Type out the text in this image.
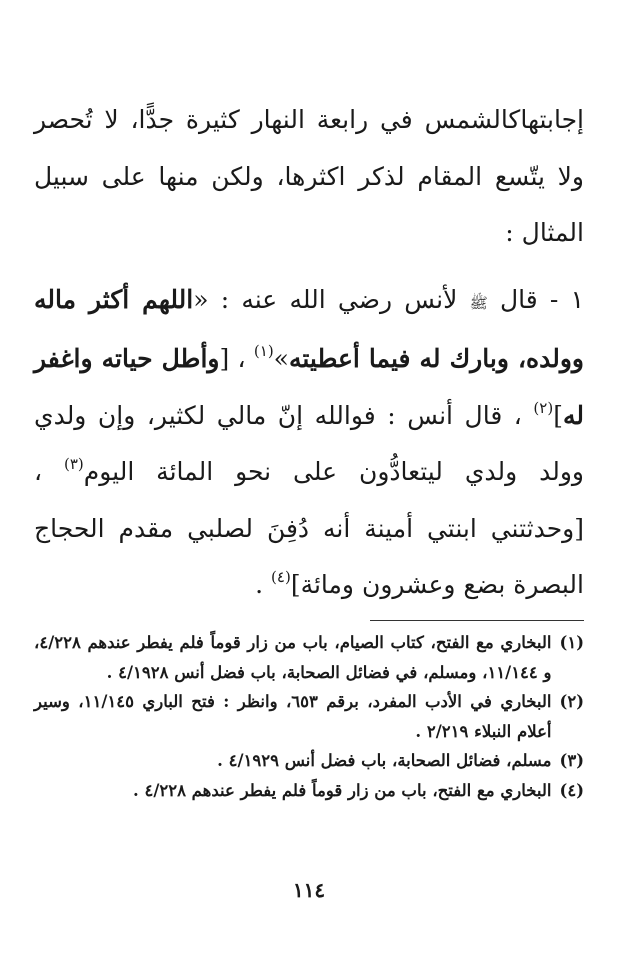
إجابتهاكالشمس في رابعة النهار كثيرة جدًّا، لا تُحصر ولا يتّسع المقام لذكر اكثرها، ولكن منها على سبيل المثال :

١ - قال ﷺ لأنس رضي الله عنه : «اللهم أكثر ماله وولده، وبارك له فيما أعطيته»$^{(١)}$ ، [وأطل حياته واغفر له]$^{(٢)}$ ، قال أنس : فوالله إنّ مالي لكثير، وإن ولدي وولد ولدي ليتعادُّون على نحو المائة اليوم$^{(٣)}$ ، [وحدثتني ابنتي أمينة أنه دُفِنَ لصلبي مقدم الحجاج البصرة بضع وعشرون ومائة]$^{(٤)}$ .

(١)
البخاري مع الفتح، كتاب الصيام، باب من زار قوماً فلم يفطر عندهم ٤/٢٢٨، و ١١/١٤٤، ومسلم، في فضائل الصحابة، باب فضل أنس ٤/١٩٢٨ .

(٢)
البخاري في الأدب المفرد، برقم ٦٥٣، وانظر : فتح الباري ١١/١٤٥، وسير أعلام النبلاء ٢/٢١٩ .

(٣)
مسلم، فضائل الصحابة، باب فضل أنس ٤/١٩٢٩ .

(٤)
البخاري مع الفتح، باب من زار قوماً فلم يفطر عندهم ٤/٢٢٨ .

١١٤
